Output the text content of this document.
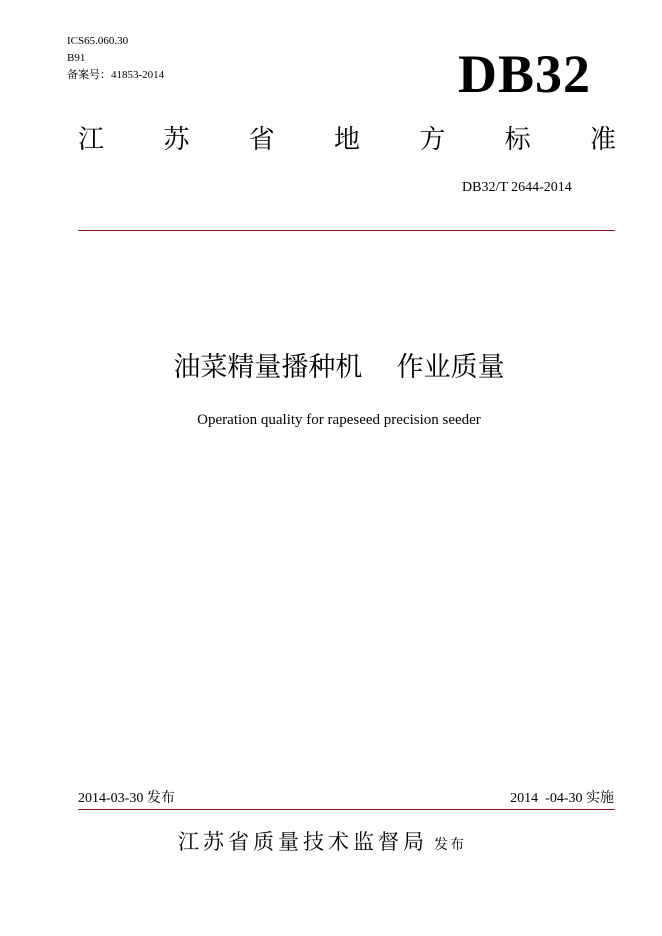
ICS65.060.30
B91
备案号：41853-2014	DB32
江 苏 省 地 方 标 准
DB32/T 2644-2014
油菜精量播种机    作业质量
Operation quality for rapeseed precision seeder
2014-03-30 发布	2014  -04-30 实施
江苏省质量技术监督局 发布
